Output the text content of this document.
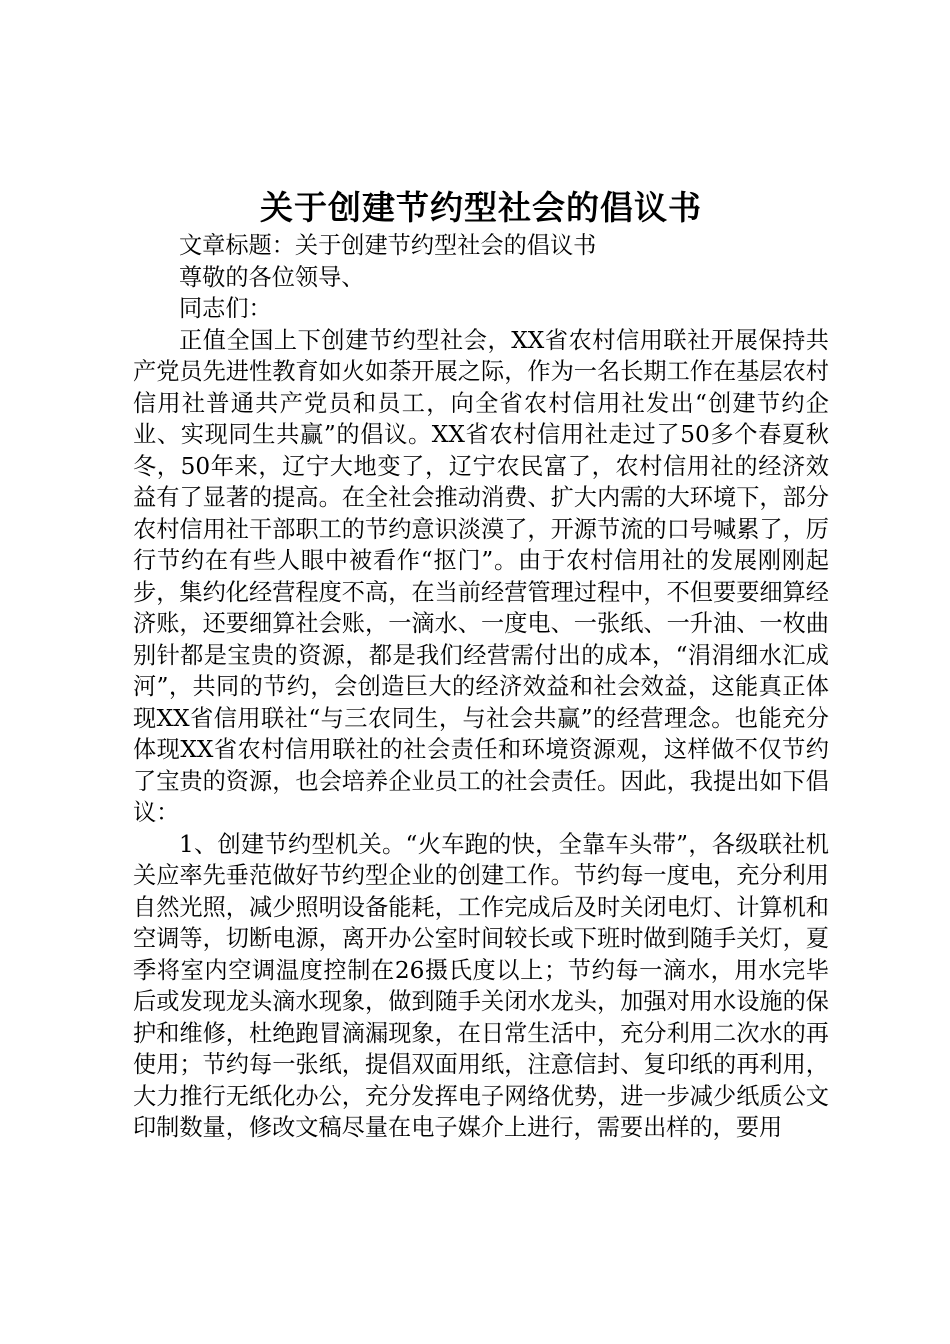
关于创建节约型社会的倡议书

文章标题：关于创建节约型社会的倡议书

尊敬的各位领导、

同志们：

正值全国上下创建节约型社会，XX省农村信用联社开展保持共产党员先进性教育如火如荼开展之际，作为一名长期工作在基层农村信用社普通共产党员和员工，向全省农村信用社发出“创建节约企业、实现同生共赢”的倡议。XX省农村信用社走过了50多个春夏秋冬，50年来，辽宁大地变了，辽宁农民富了，农村信用社的经济效益有了显著的提高。在全社会推动消费、扩大内需的大环境下，部分农村信用社干部职工的节约意识淡漠了，开源节流的口号喊累了，厉行节约在有些人眼中被看作“抠门”。由于农村信用社的发展刚刚起步，集约化经营程度不高，在当前经营管理过程中，不但要要细算经济账，还要细算社会账，一滴水、一度电、一张纸、一升油、一枚曲别针都是宝贵的资源，都是我们经营需付出的成本，“涓涓细水汇成河”，共同的节约，会创造巨大的经济效益和社会效益，这能真正体现XX省信用联社“与三农同生，与社会共赢”的经营理念。也能充分体现XX省农村信用联社的社会责任和环境资源观，这样做不仅节约了宝贵的资源，也会培养企业员工的社会责任。因此，我提出如下倡议：

1、创建节约型机关。“火车跑的快，全靠车头带”，各级联社机关应率先垂范做好节约型企业的创建工作。节约每一度电，充分利用自然光照，减少照明设备能耗，工作完成后及时关闭电灯、计算机和空调等，切断电源，离开办公室时间较长或下班时做到随手关灯，夏季将室内空调温度控制在26摄氏度以上；节约每一滴水，用水完毕后或发现龙头滴水现象，做到随手关闭水龙头，加强对用水设施的保护和维修，杜绝跑冒滴漏现象，在日常生活中，充分利用二次水的再使用；节约每一张纸，提倡双面用纸，注意信封、复印纸的再利用，大力推行无纸化办公，充分发挥电子网络优势，进一步减少纸质公文印制数量，修改文稿尽量在电子媒介上进行，需要出样的，要用
